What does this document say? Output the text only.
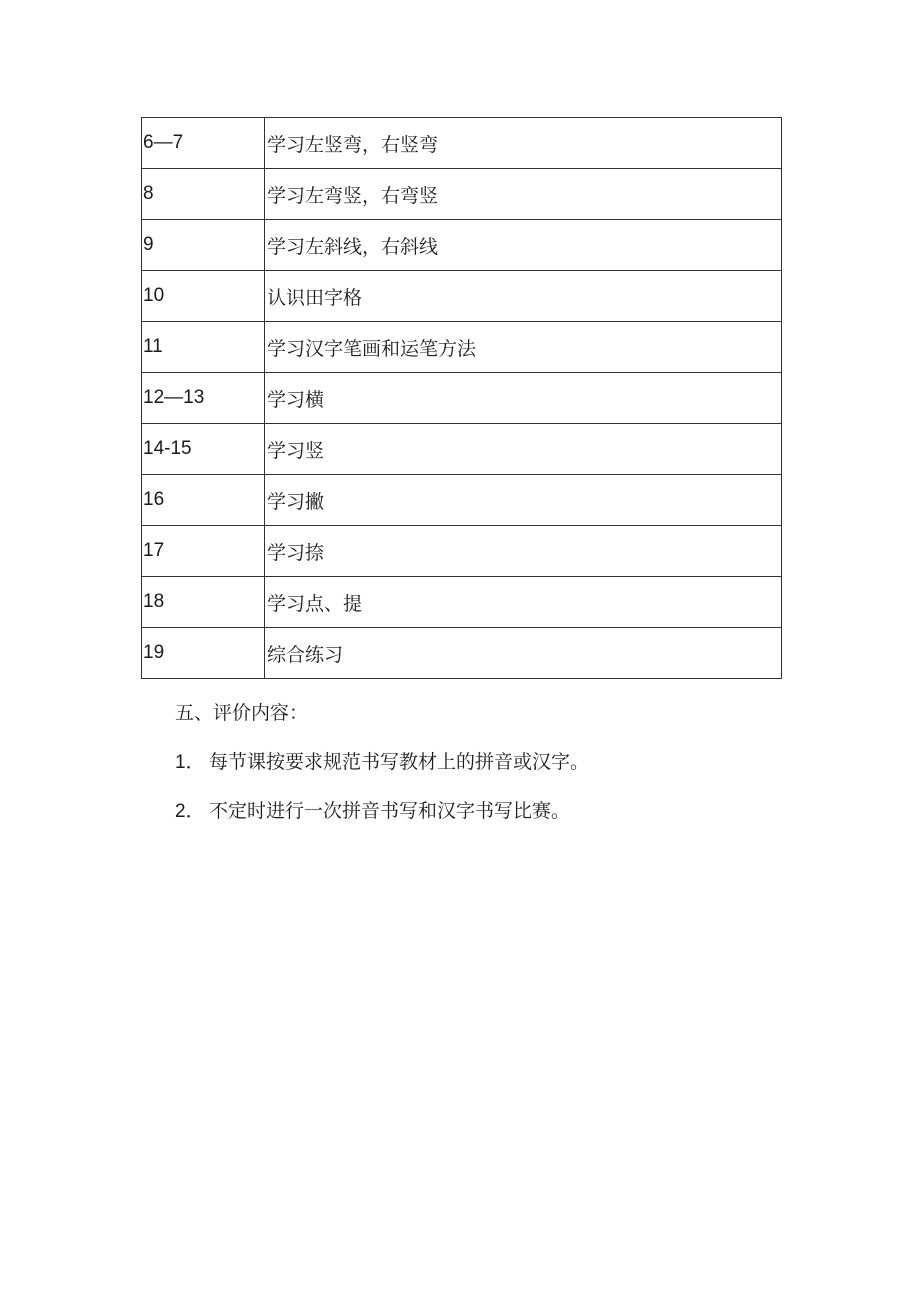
6—7	学习左竖弯，右竖弯
8	学习左弯竖，右弯竖
9	学习左斜线，右斜线
10	认识田字格
11	学习汉字笔画和运笔方法
12—13	学习横
14-15	学习竖
16	学习撇
17	学习捺
18	学习点、提
19	综合练习
五、评价内容：
1． 每节课按要求规范书写教材上的拼音或汉字。
2． 不定时进行一次拼音书写和汉字书写比赛。
